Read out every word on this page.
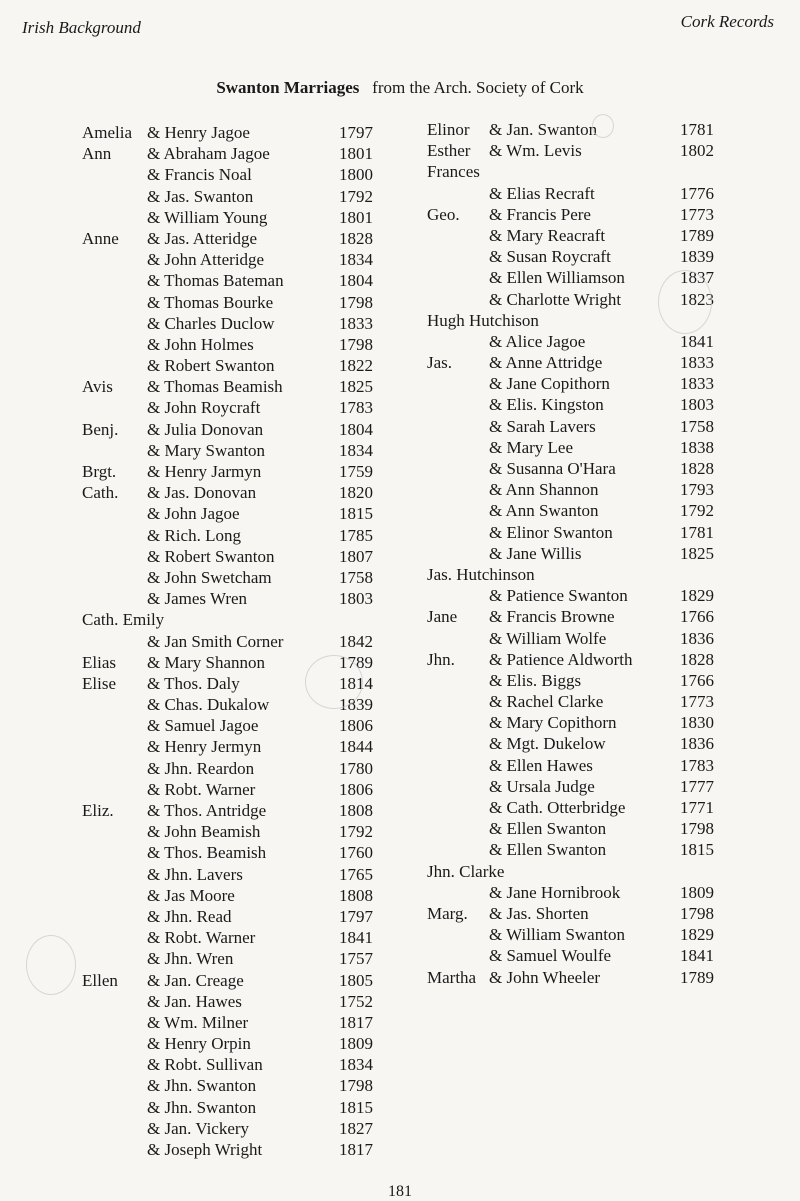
Irish Background	Cork Records
Swanton Marriages from the Arch. Society of Cork
Amelia & Henry Jagoe	1797
Ann & Abraham Jagoe	1801
& Francis Noal	1800
& Jas. Swanton	1792
& William Young	1801
Anne & Jas. Atteridge	1828
& John Atteridge	1834
& Thomas Bateman	1804
& Thomas Bourke	1798
& Charles Duclow	1833
& John Holmes	1798
& Robert Swanton	1822
Avis & Thomas Beamish	1825
& John Roycraft	1783
Benj. & Julia Donovan	1804
& Mary Swanton	1834
Brgt. & Henry Jarmyn	1759
Cath. & Jas. Donovan	1820
& John Jagoe	1815
& Rich. Long	1785
& Robert Swanton	1807
& John Swetcham	1758
& James Wren	1803
Cath. Emily
& Jan Smith Corner	1842
Elias & Mary Shannon	1789
Elise & Thos. Daly	1814
& Chas. Dukalow	1839
& Samuel Jagoe	1806
& Henry Jermyn	1844
& Jhn. Reardon	1780
& Robt. Warner	1806
Eliz. & Thos. Antridge	1808
& John Beamish	1792
& Thos. Beamish	1760
& Jhn. Lavers	1765
& Jas Moore	1808
& Jhn. Read	1797
& Robt. Warner	1841
& Jhn. Wren	1757
Ellen & Jan. Creage	1805
& Jan. Hawes	1752
& Wm. Milner	1817
& Henry Orpin	1809
& Robt. Sullivan	1834
& Jhn. Swanton	1798
& Jhn. Swanton	1815
& Jan. Vickery	1827
& Joseph Wright	1817
Elinor & Jan. Swanton	1781
Esther & Wm. Levis	1802
Frances
& Elias Recraft	1776
Geo. & Francis Pere	1773
& Mary Reacraft	1789
& Susan Roycraft	1839
& Ellen Williamson	1837
& Charlotte Wright	1823
Hugh Hutchison
& Alice Jagoe	1841
Jas. & Anne Attridge	1833
& Jane Copithorn	1833
& Elis. Kingston	1803
& Sarah Lavers	1758
& Mary Lee	1838
& Susanna O'Hara	1828
& Ann Shannon	1793
& Ann Swanton	1792
& Elinor Swanton	1781
& Jane Willis	1825
Jas. Hutchinson
& Patience Swanton	1829
Jane & Francis Browne	1766
& William Wolfe	1836
Jhn. & Patience Aldworth	1828
& Elis. Biggs	1766
& Rachel Clarke	1773
& Mary Copithorn	1830
& Mgt. Dukelow	1836
& Ellen Hawes	1783
& Ursala Judge	1777
& Cath. Otterbridge	1771
& Ellen Swanton	1798
& Ellen Swanton	1815
Jhn. Clarke
& Jane Hornibrook	1809
Marg. & Jas. Shorten	1798
& William Swanton	1829
& Samuel Woulfe	1841
Martha & John Wheeler	1789
181
